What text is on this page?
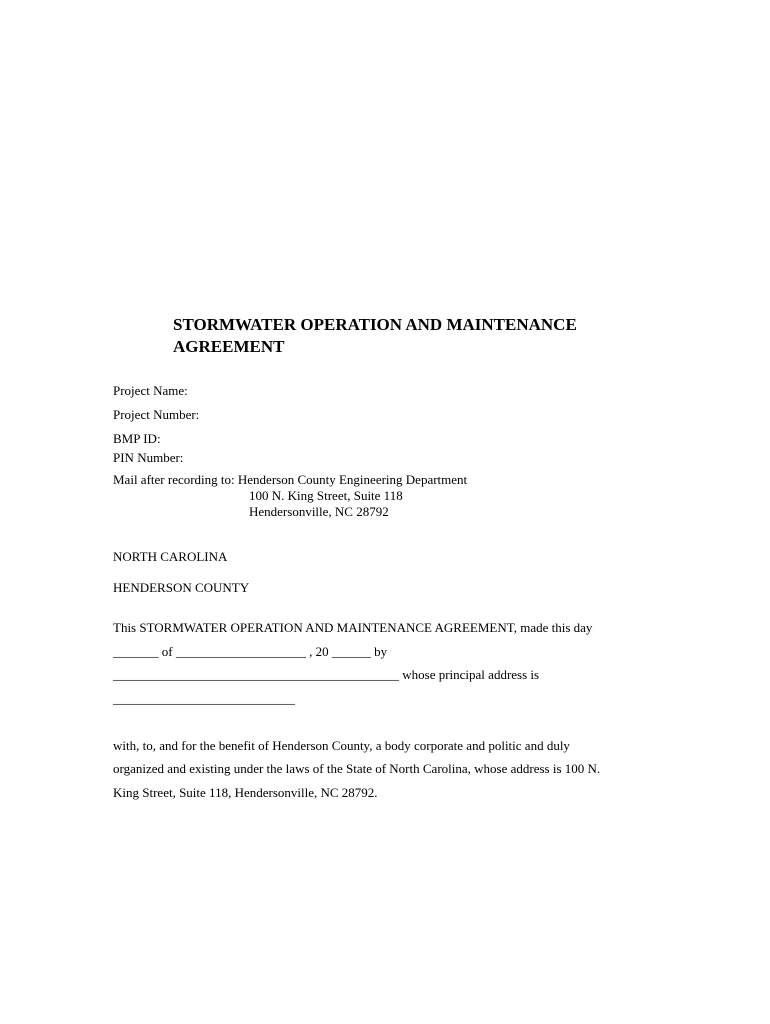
STORMWATER OPERATION AND MAINTENANCE
AGREEMENT
Project Name:
Project Number:
BMP ID:
PIN Number:
Mail after recording to: Henderson County Engineering Department
100 N. King Street, Suite 118
Hendersonville, NC 28792
NORTH CAROLINA
HENDERSON COUNTY
This STORMWATER OPERATION AND MAINTENANCE AGREEMENT, made this day
_______ of ____________________ , 20 ______ by
____________________________________________ whose principal address is
____________________________
with, to, and for the benefit of Henderson County, a body corporate and politic and duly
organized and existing under the laws of the State of North Carolina, whose address is 100 N.
King Street, Suite 118, Hendersonville, NC 28792.
